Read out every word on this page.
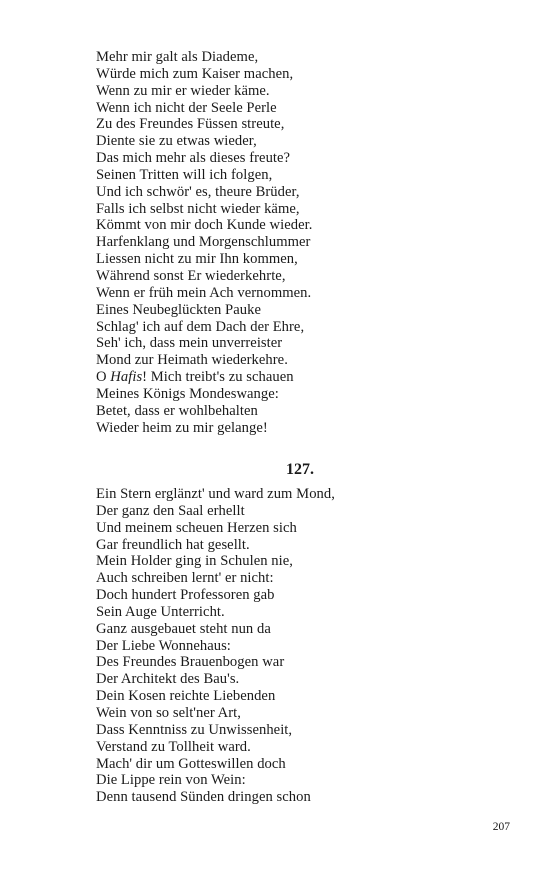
Mehr mir galt als Diademe,
Würde mich zum Kaiser machen,
Wenn zu mir er wieder käme.
Wenn ich nicht der Seele Perle
Zu des Freundes Füssen streute,
Diente sie zu etwas wieder,
Das mich mehr als dieses freute?
Seinen Tritten will ich folgen,
Und ich schwör' es, theure Brüder,
Falls ich selbst nicht wieder käme,
Kömmt von mir doch Kunde wieder.
Harfenklang und Morgenschlummer
Liessen nicht zu mir Ihn kommen,
Während sonst Er wiederkehrte,
Wenn er früh mein Ach vernommen.
Eines Neubeglückten Pauke
Schlag' ich auf dem Dach der Ehre,
Seh' ich, dass mein unverreister
Mond zur Heimath wiederkehre.
O Hafis! Mich treibt's zu schauen
Meines Königs Mondeswange:
Betet, dass er wohlbehalten
Wieder heim zu mir gelange!
127.
Ein Stern erglänzt' und ward zum Mond,
Der ganz den Saal erhellt
Und meinem scheuen Herzen sich
Gar freundlich hat gesellt.
Mein Holder ging in Schulen nie,
Auch schreiben lernt' er nicht:
Doch hundert Professoren gab
Sein Auge Unterricht.
Ganz ausgebauet steht nun da
Der Liebe Wonnehaus:
Des Freundes Brauenbogen war
Der Architekt des Bau's.
Dein Kosen reichte Liebenden
Wein von so selt'ner Art,
Dass Kenntniss zu Unwissenheit,
Verstand zu Tollheit ward.
Mach' dir um Gotteswillen doch
Die Lippe rein von Wein:
Denn tausend Sünden dringen schon
207
